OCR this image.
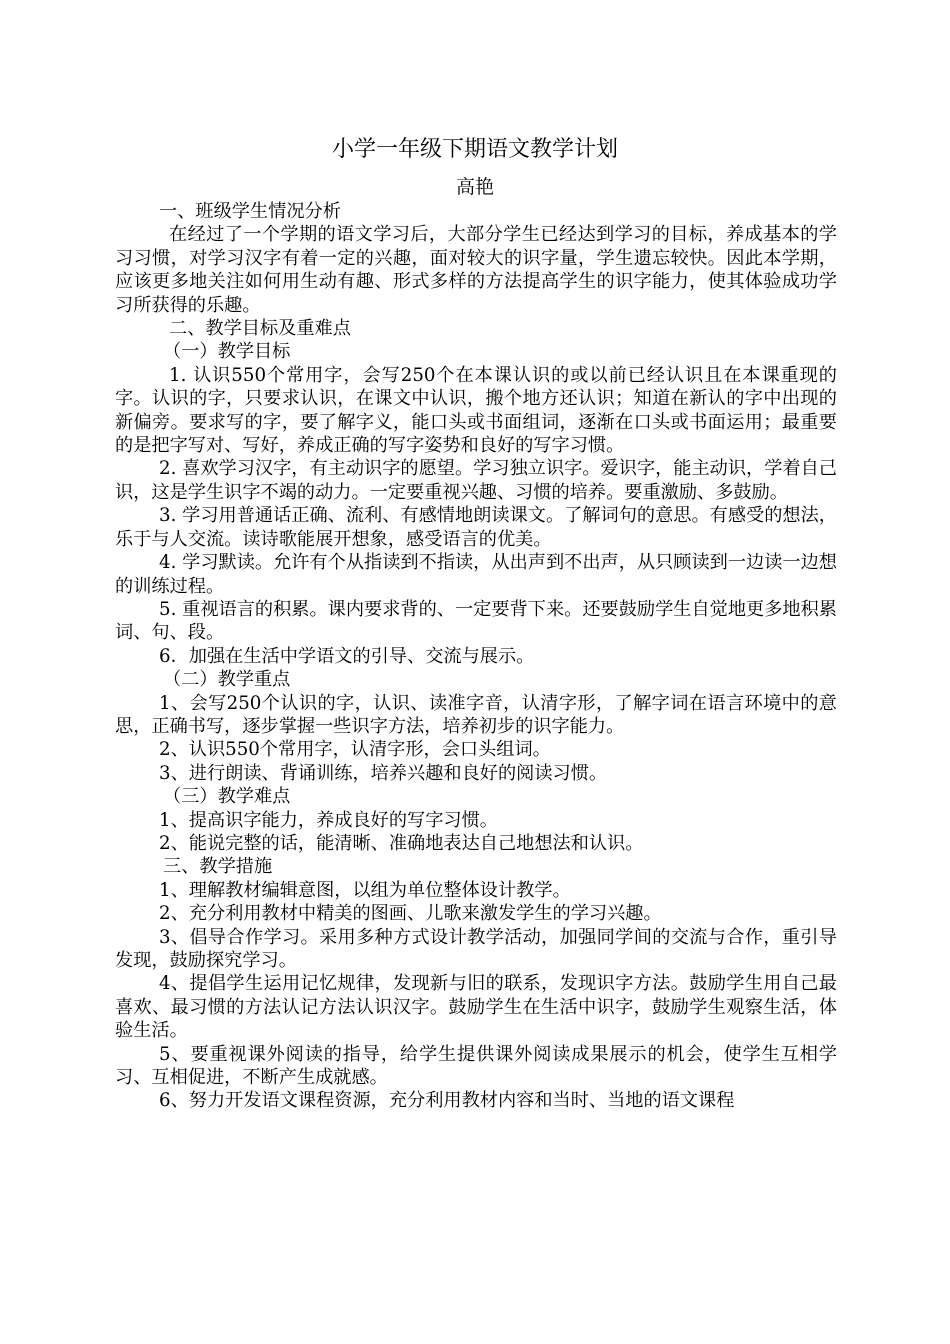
小学一年级下期语文教学计划
高艳

一、班级学生情况分析

在经过了一个学期的语文学习后，大部分学生已经达到学习的目标，养成基本的学习习惯，对学习汉字有着一定的兴趣，面对较大的识字量，学生遗忘较快。因此本学期，应该更多地关注如何用生动有趣、形式多样的方法提高学生的识字能力，使其体验成功学习所获得的乐趣。

二、教学目标及重难点

（一）教学目标

1. 认识550个常用字，会写250个在本课认识的或以前已经认识且在本课重现的字。认识的字，只要求认识，在课文中认识，搬个地方还认识；知道在新认的字中出现的新偏旁。要求写的字，要了解字义，能口头或书面组词，逐渐在口头或书面运用；最重要的是把字写对、写好，养成正确的写字姿势和良好的写字习惯。

2. 喜欢学习汉字，有主动识字的愿望。学习独立识字。爱识字，能主动识，学着自己识，这是学生识字不竭的动力。一定要重视兴趣、习惯的培养。要重激励、多鼓励。

3. 学习用普通话正确、流利、有感情地朗读课文。了解词句的意思。有感受的想法，乐于与人交流。读诗歌能展开想象，感受语言的优美。

4. 学习默读。允许有个从指读到不指读，从出声到不出声，从只顾读到一边读一边想的训练过程。

5. 重视语言的积累。课内要求背的、一定要背下来。还要鼓励学生自觉地更多地积累词、句、段。

6．加强在生活中学语文的引导、交流与展示。

（二）教学重点

1、会写250个认识的字，认识、读准字音，认清字形，了解字词在语言环境中的意思，正确书写，逐步掌握一些识字方法，培养初步的识字能力。

2、认识550个常用字，认清字形，会口头组词。

3、进行朗读、背诵训练，培养兴趣和良好的阅读习惯。

（三）教学难点

1、提高识字能力，养成良好的写字习惯。

2、能说完整的话，能清晰、准确地表达自己地想法和认识。

三、教学措施

1、理解教材编辑意图，以组为单位整体设计教学。

2、充分利用教材中精美的图画、儿歌来激发学生的学习兴趣。

3、倡导合作学习。采用多种方式设计教学活动，加强同学间的交流与合作，重引导发现，鼓励探究学习。

4、提倡学生运用记忆规律，发现新与旧的联系，发现识字方法。鼓励学生用自己最喜欢、最习惯的方法认记方法认识汉字。鼓励学生在生活中识字，鼓励学生观察生活，体验生活。

5、要重视课外阅读的指导，给学生提供课外阅读成果展示的机会，使学生互相学习、互相促进，不断产生成就感。

6、努力开发语文课程资源，充分利用教材内容和当时、当地的语文课程
